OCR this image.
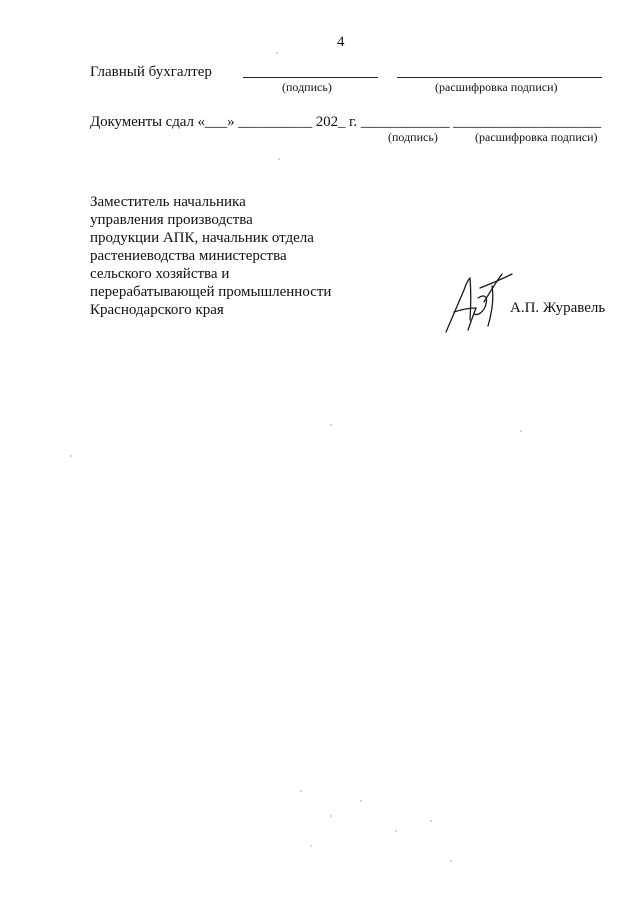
4
Главный бухгалтер
(подпись)	(расшифровка подписи)
Документы сдал «___» __________ 202_ г. ____________ ____________________
(подпись)	(расшифровка подписи)
Заместитель начальника
управления производства
продукции АПК, начальник отдела
растениеводства министерства
сельского хозяйства и
перерабатывающей промышленности
Краснодарского края	А.П. Журавель
